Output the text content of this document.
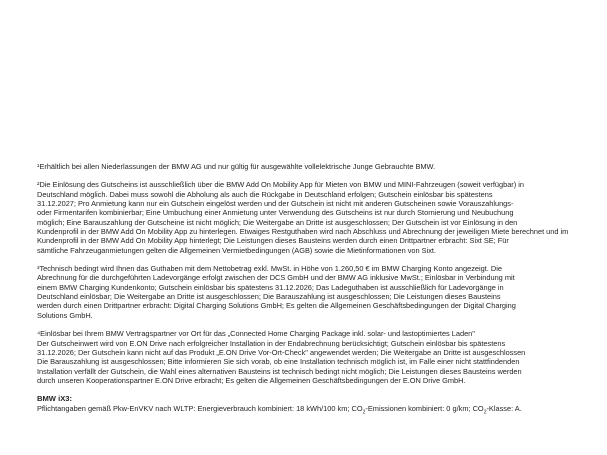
¹Erhältlich bei allen Niederlassungen der BMW AG und nur gültig für ausgewählte vollelektrische Junge Gebrauchte BMW.

²Die Einlösung des Gutscheins ist ausschließlich über die BMW Add On Mobility App für Mieten von BMW und MINI-Fahrzeugen (soweit verfügbar) in
Deutschland möglich. Dabei muss sowohl die Abholung als auch die Rückgabe in Deutschland erfolgen; Gutschein einlösbar bis spätestens
31.12.2027; Pro Anmietung kann nur ein Gutschein eingelöst werden und der Gutschein ist nicht mit anderen Gutscheinen sowie Vorauszahlungs-
oder Firmentarifen kombinierbar; Eine Umbuchung einer Anmietung unter Verwendung des Gutscheins ist nur durch Stornierung und Neubuchung
möglich; Eine Barauszahlung der Gutscheine ist nicht möglich; Die Weitergabe an Dritte ist ausgeschlossen; Der Gutschein ist vor Einlösung in den
Kundenprofil in der BMW Add On Mobility App zu hinterlegen. Etwaiges Restguthaben wird nach Abschluss und Abrechnung der jeweiligen Miete berechnet und im
Kundenprofil in der BMW Add On Mobility App hinterlegt; Die Leistungen dieses Bausteins werden durch einen Drittpartner erbracht: Sixt SE; Für
sämtliche Fahrzeuganmietungen gelten die Allgemeinen Vermietbedingungen (AGB) sowie die Mietinformationen von Sixt.

³Technisch bedingt wird Ihnen das Guthaben mit dem Nettobetrag exkl. MwSt. in Höhe von 1.260,50 € im BMW Charging Konto angezeigt. Die
Abrechnung für die durchgeführten Ladevorgänge erfolgt zwischen der DCS GmbH und der BMW AG inklusive MwSt.; Einlösbar in Verbindung mit
einem BMW Charging Kundenkonto; Gutschein einlösbar bis spätestens 31.12.2026; Das Ladeguthaben ist ausschließlich für Ladevorgänge in
Deutschland einlösbar; Die Weitergabe an Dritte ist ausgeschlossen; Die Barauszahlung ist ausgeschlossen; Die Leistungen dieses Bausteins
werden durch einen Drittpartner erbracht: Digital Charging Solutions GmbH; Es gelten die Allgemeinen Geschäftsbedingungen der Digital Charging
Solutions GmbH.

⁴Einlösbar bei Ihrem BMW Vertragspartner vor Ort für das „Connected Home Charging Package inkl. solar- und lastoptimiertes Laden"
Der Gutscheinwert wird von E.ON Drive nach erfolgreicher Installation in der Endabrechnung berücksichtigt; Gutschein einlösbar bis spätestens
31.12.2026; Der Gutschein kann nicht auf das Produkt „E.ON Drive Vor-Ort-Check" angewendet werden; Die Weitergabe an Dritte ist ausgeschlossen
Die Barauszahlung ist ausgeschlossen; Bitte informieren Sie sich vorab, ob eine Installation technisch möglich ist, im Falle einer nicht stattfindenden
Installation verfällt der Gutschein, die Wahl eines alternativen Bausteins ist technisch bedingt nicht möglich; Die Leistungen dieses Bausteins werden
durch unseren Kooperationspartner E.ON Drive erbracht; Es gelten die Allgemeinen Geschäftsbedingungen der E.ON Drive GmbH.

BMW iX3:

Pflichtangaben gemäß Pkw-EnVKV nach WLTP: Energieverbrauch kombiniert: 18 kWh/100 km; $CO_2$-Emissionen kombiniert: 0 g/km; $CO_2$-Klasse: A.
